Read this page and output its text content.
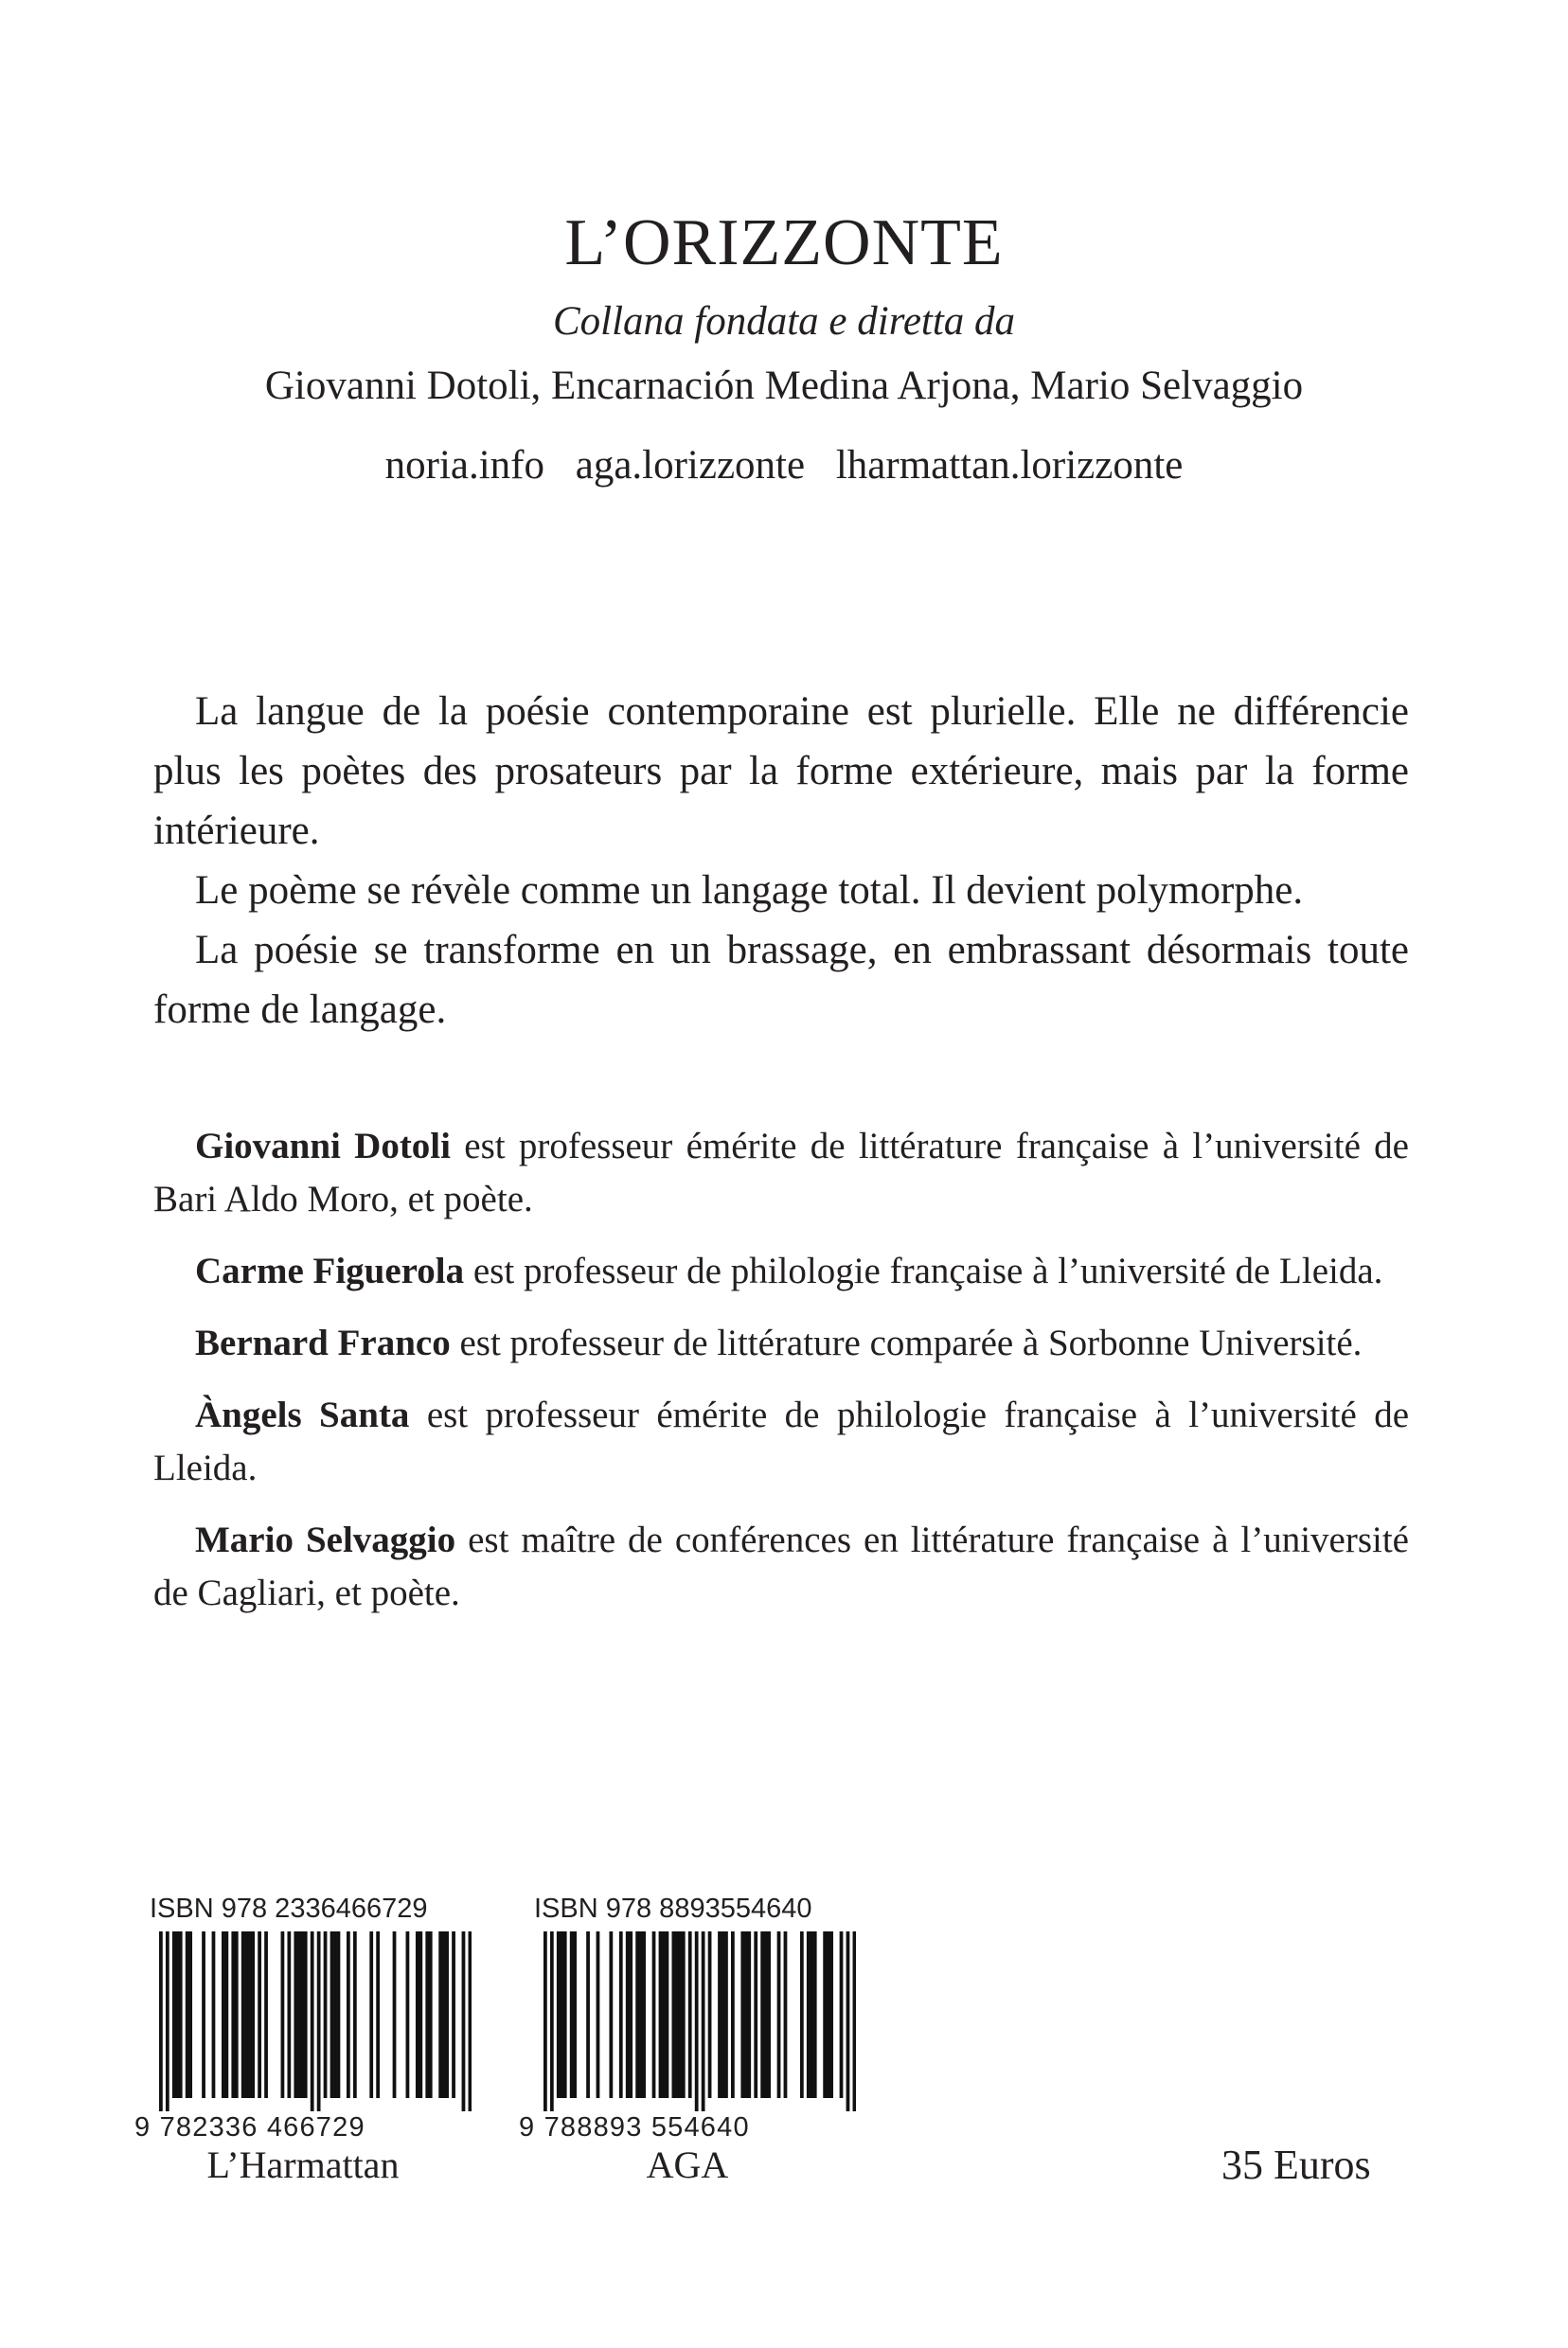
L’ORIZZONTE
Collana fondata e diretta da
Giovanni Dotoli, Encarnación Medina Arjona, Mario Selvaggio
noria.info aga.lorizzonte lharmattan.lorizzonte

La langue de la poésie contemporaine est plurielle. Elle ne différencie plus les poètes des prosateurs par la forme extérieure, mais par la forme intérieure.

Le poème se révèle comme un langage total. Il devient polymorphe.

La poésie se transforme en un brassage, en embrassant désormais toute forme de langage.

Giovanni Dotoli est professeur émérite de littérature française à l’université de Bari Aldo Moro, et poète.

Carme Figuerola est professeur de philologie française à l’université de Lleida.

Bernard Franco est professeur de littérature comparée à Sorbonne Université.

Àngels Santa est professeur émérite de philologie française à l’université de Lleida.

Mario Selvaggio est maître de conférences en littérature française à l’université de Cagliari, et poète.

ISBN 978 2336466729
9 782336 466729
L’Harmattan
ISBN 978 8893554640
9 788893 554640
AGA	35 Euros
